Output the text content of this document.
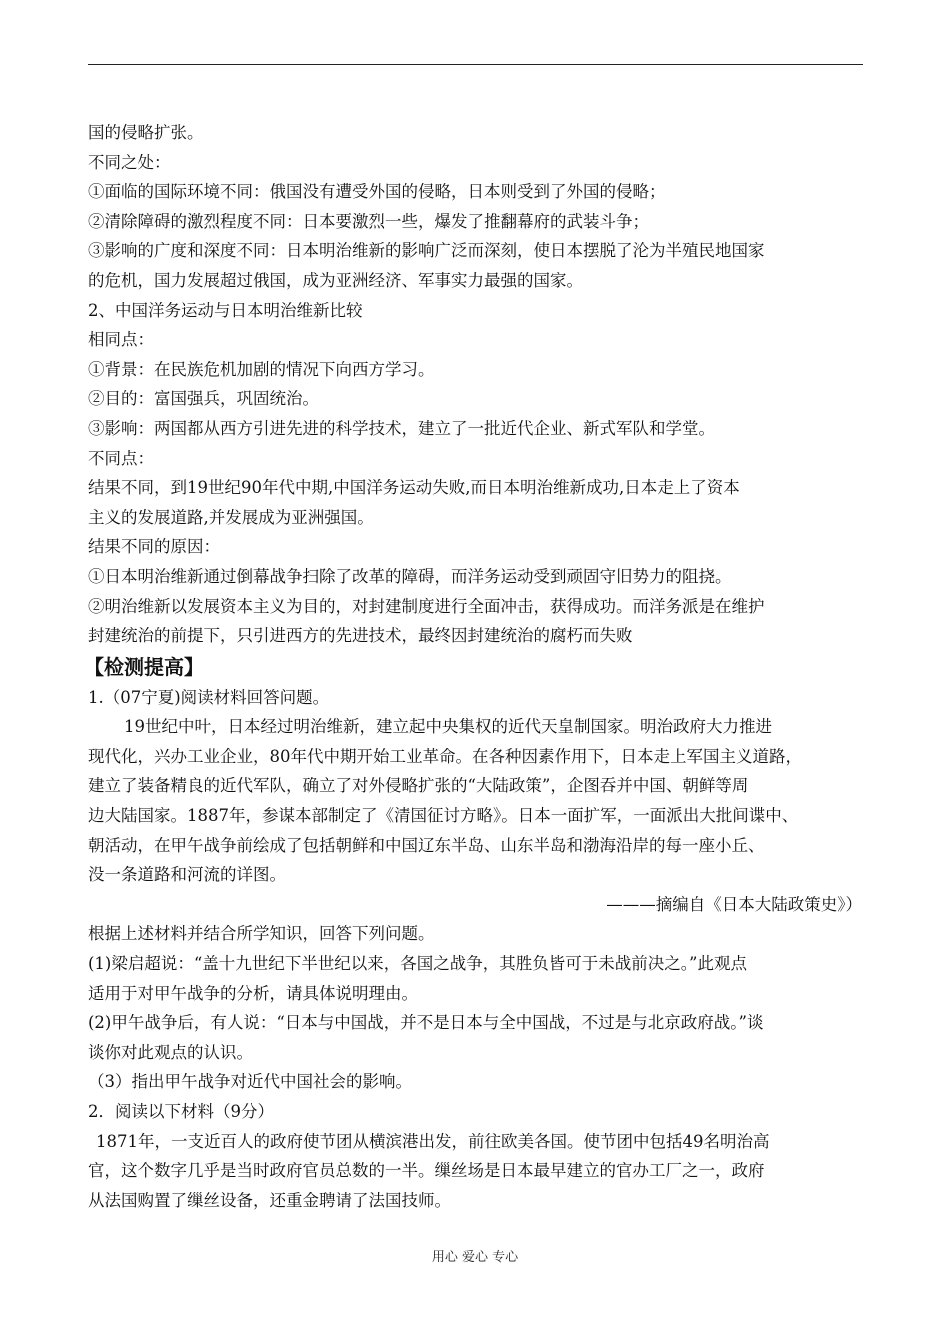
国的侵略扩张。
不同之处：
①面临的国际环境不同：俄国没有遭受外国的侵略，日本则受到了外国的侵略；
②清除障碍的激烈程度不同：日本要激烈一些，爆发了推翻幕府的武装斗争；
③影响的广度和深度不同：日本明治维新的影响广泛而深刻，使日本摆脱了沦为半殖民地国家
的危机，国力发展超过俄国，成为亚洲经济、军事实力最强的国家。
2、中国洋务运动与日本明治维新比较
相同点：
①背景：在民族危机加剧的情况下向西方学习。
②目的：富国强兵，巩固统治。
③影响：两国都从西方引进先进的科学技术，建立了一批近代企业、新式军队和学堂。
不同点：
结果不同，到19世纪90年代中期,中国洋务运动失败,而日本明治维新成功,日本走上了资本
主义的发展道路,并发展成为亚洲强国。
结果不同的原因：
①日本明治维新通过倒幕战争扫除了改革的障碍，而洋务运动受到顽固守旧势力的阻挠。
②明治维新以发展资本主义为目的，对封建制度进行全面冲击，获得成功。而洋务派是在维护
封建统治的前提下，只引进西方的先进技术，最终因封建统治的腐朽而失败
【检测提高】
1.（07宁夏)阅读材料回答问题。
19世纪中叶，日本经过明治维新，建立起中央集权的近代天皇制国家。明治政府大力推进
现代化，兴办工业企业，80年代中期开始工业革命。在各种因素作用下，日本走上军国主义道路，
建立了装备精良的近代军队，确立了对外侵略扩张的“大陆政策”，企图吞并中国、朝鲜等周
边大陆国家。1887年，参谋本部制定了《清国征讨方略》。日本一面扩军，一面派出大批间谍中、
朝活动，在甲午战争前绘成了包括朝鲜和中国辽东半岛、山东半岛和渤海沿岸的每一座小丘、
没一条道路和河流的详图。
———摘编自《日本大陆政策史》）
根据上述材料并结合所学知识，回答下列问题。
(1)梁启超说：“盖十九世纪下半世纪以来，各国之战争，其胜负皆可于未战前决之。”此观点
适用于对甲午战争的分析，请具体说明理由。
(2)甲午战争后，有人说：“日本与中国战，并不是日本与全中国战，不过是与北京政府战。”谈
谈你对此观点的认识。
（3）指出甲午战争对近代中国社会的影响。
2．阅读以下材料（9分）
1871年，一支近百人的政府使节团从横滨港出发，前往欧美各国。使节团中包括49名明治高
官，这个数字几乎是当时政府官员总数的一半。缫丝场是日本最早建立的官办工厂之一，政府
从法国购置了缫丝设备，还重金聘请了法国技师。
用心 爱心 专心
